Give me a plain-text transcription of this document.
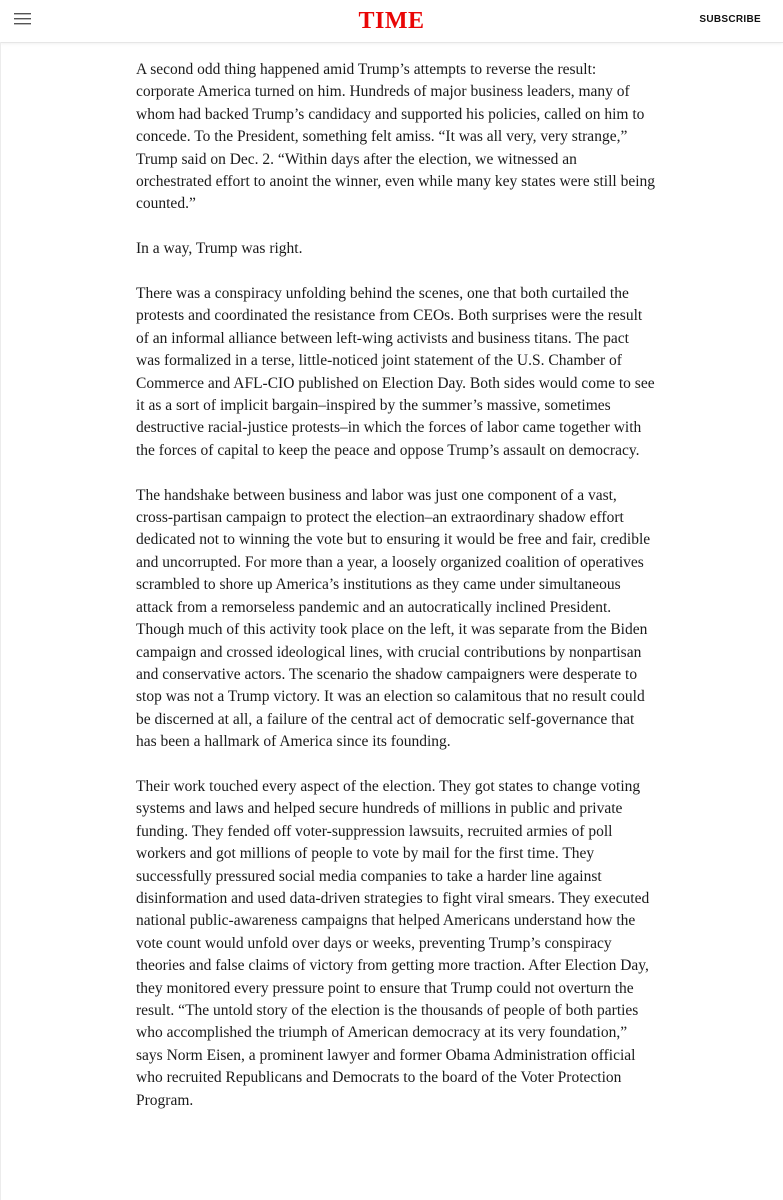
TIME	SUBSCRIBE

A second odd thing happened amid Trump’s attempts to reverse the result: corporate America turned on him. Hundreds of major business leaders, many of whom had backed Trump’s candidacy and supported his policies, called on him to concede. To the President, something felt amiss. “It was all very, very strange,” Trump said on Dec. 2. “Within days after the election, we witnessed an orchestrated effort to anoint the winner, even while many key states were still being counted.”

In a way, Trump was right.

There was a conspiracy unfolding behind the scenes, one that both curtailed the protests and coordinated the resistance from CEOs. Both surprises were the result of an informal alliance between left-wing activists and business titans. The pact was formalized in a terse, little-noticed joint statement of the U.S. Chamber of Commerce and AFL-CIO published on Election Day. Both sides would come to see it as a sort of implicit bargain–inspired by the summer’s massive, sometimes destructive racial-justice protests–in which the forces of labor came together with the forces of capital to keep the peace and oppose Trump’s assault on democracy.

The handshake between business and labor was just one component of a vast, cross-partisan campaign to protect the election–an extraordinary shadow effort dedicated not to winning the vote but to ensuring it would be free and fair, credible and uncorrupted. For more than a year, a loosely organized coalition of operatives scrambled to shore up America’s institutions as they came under simultaneous attack from a remorseless pandemic and an autocratically inclined President. Though much of this activity took place on the left, it was separate from the Biden campaign and crossed ideological lines, with crucial contributions by nonpartisan and conservative actors. The scenario the shadow campaigners were desperate to stop was not a Trump victory. It was an election so calamitous that no result could be discerned at all, a failure of the central act of democratic self-governance that has been a hallmark of America since its founding.

Their work touched every aspect of the election. They got states to change voting systems and laws and helped secure hundreds of millions in public and private funding. They fended off voter-suppression lawsuits, recruited armies of poll workers and got millions of people to vote by mail for the first time. They successfully pressured social media companies to take a harder line against disinformation and used data-driven strategies to fight viral smears. They executed national public-awareness campaigns that helped Americans understand how the vote count would unfold over days or weeks, preventing Trump’s conspiracy theories and false claims of victory from getting more traction. After Election Day, they monitored every pressure point to ensure that Trump could not overturn the result. “The untold story of the election is the thousands of people of both parties who accomplished the triumph of American democracy at its very foundation,” says Norm Eisen, a prominent lawyer and former Obama Administration official who recruited Republicans and Democrats to the board of the Voter Protection Program.
